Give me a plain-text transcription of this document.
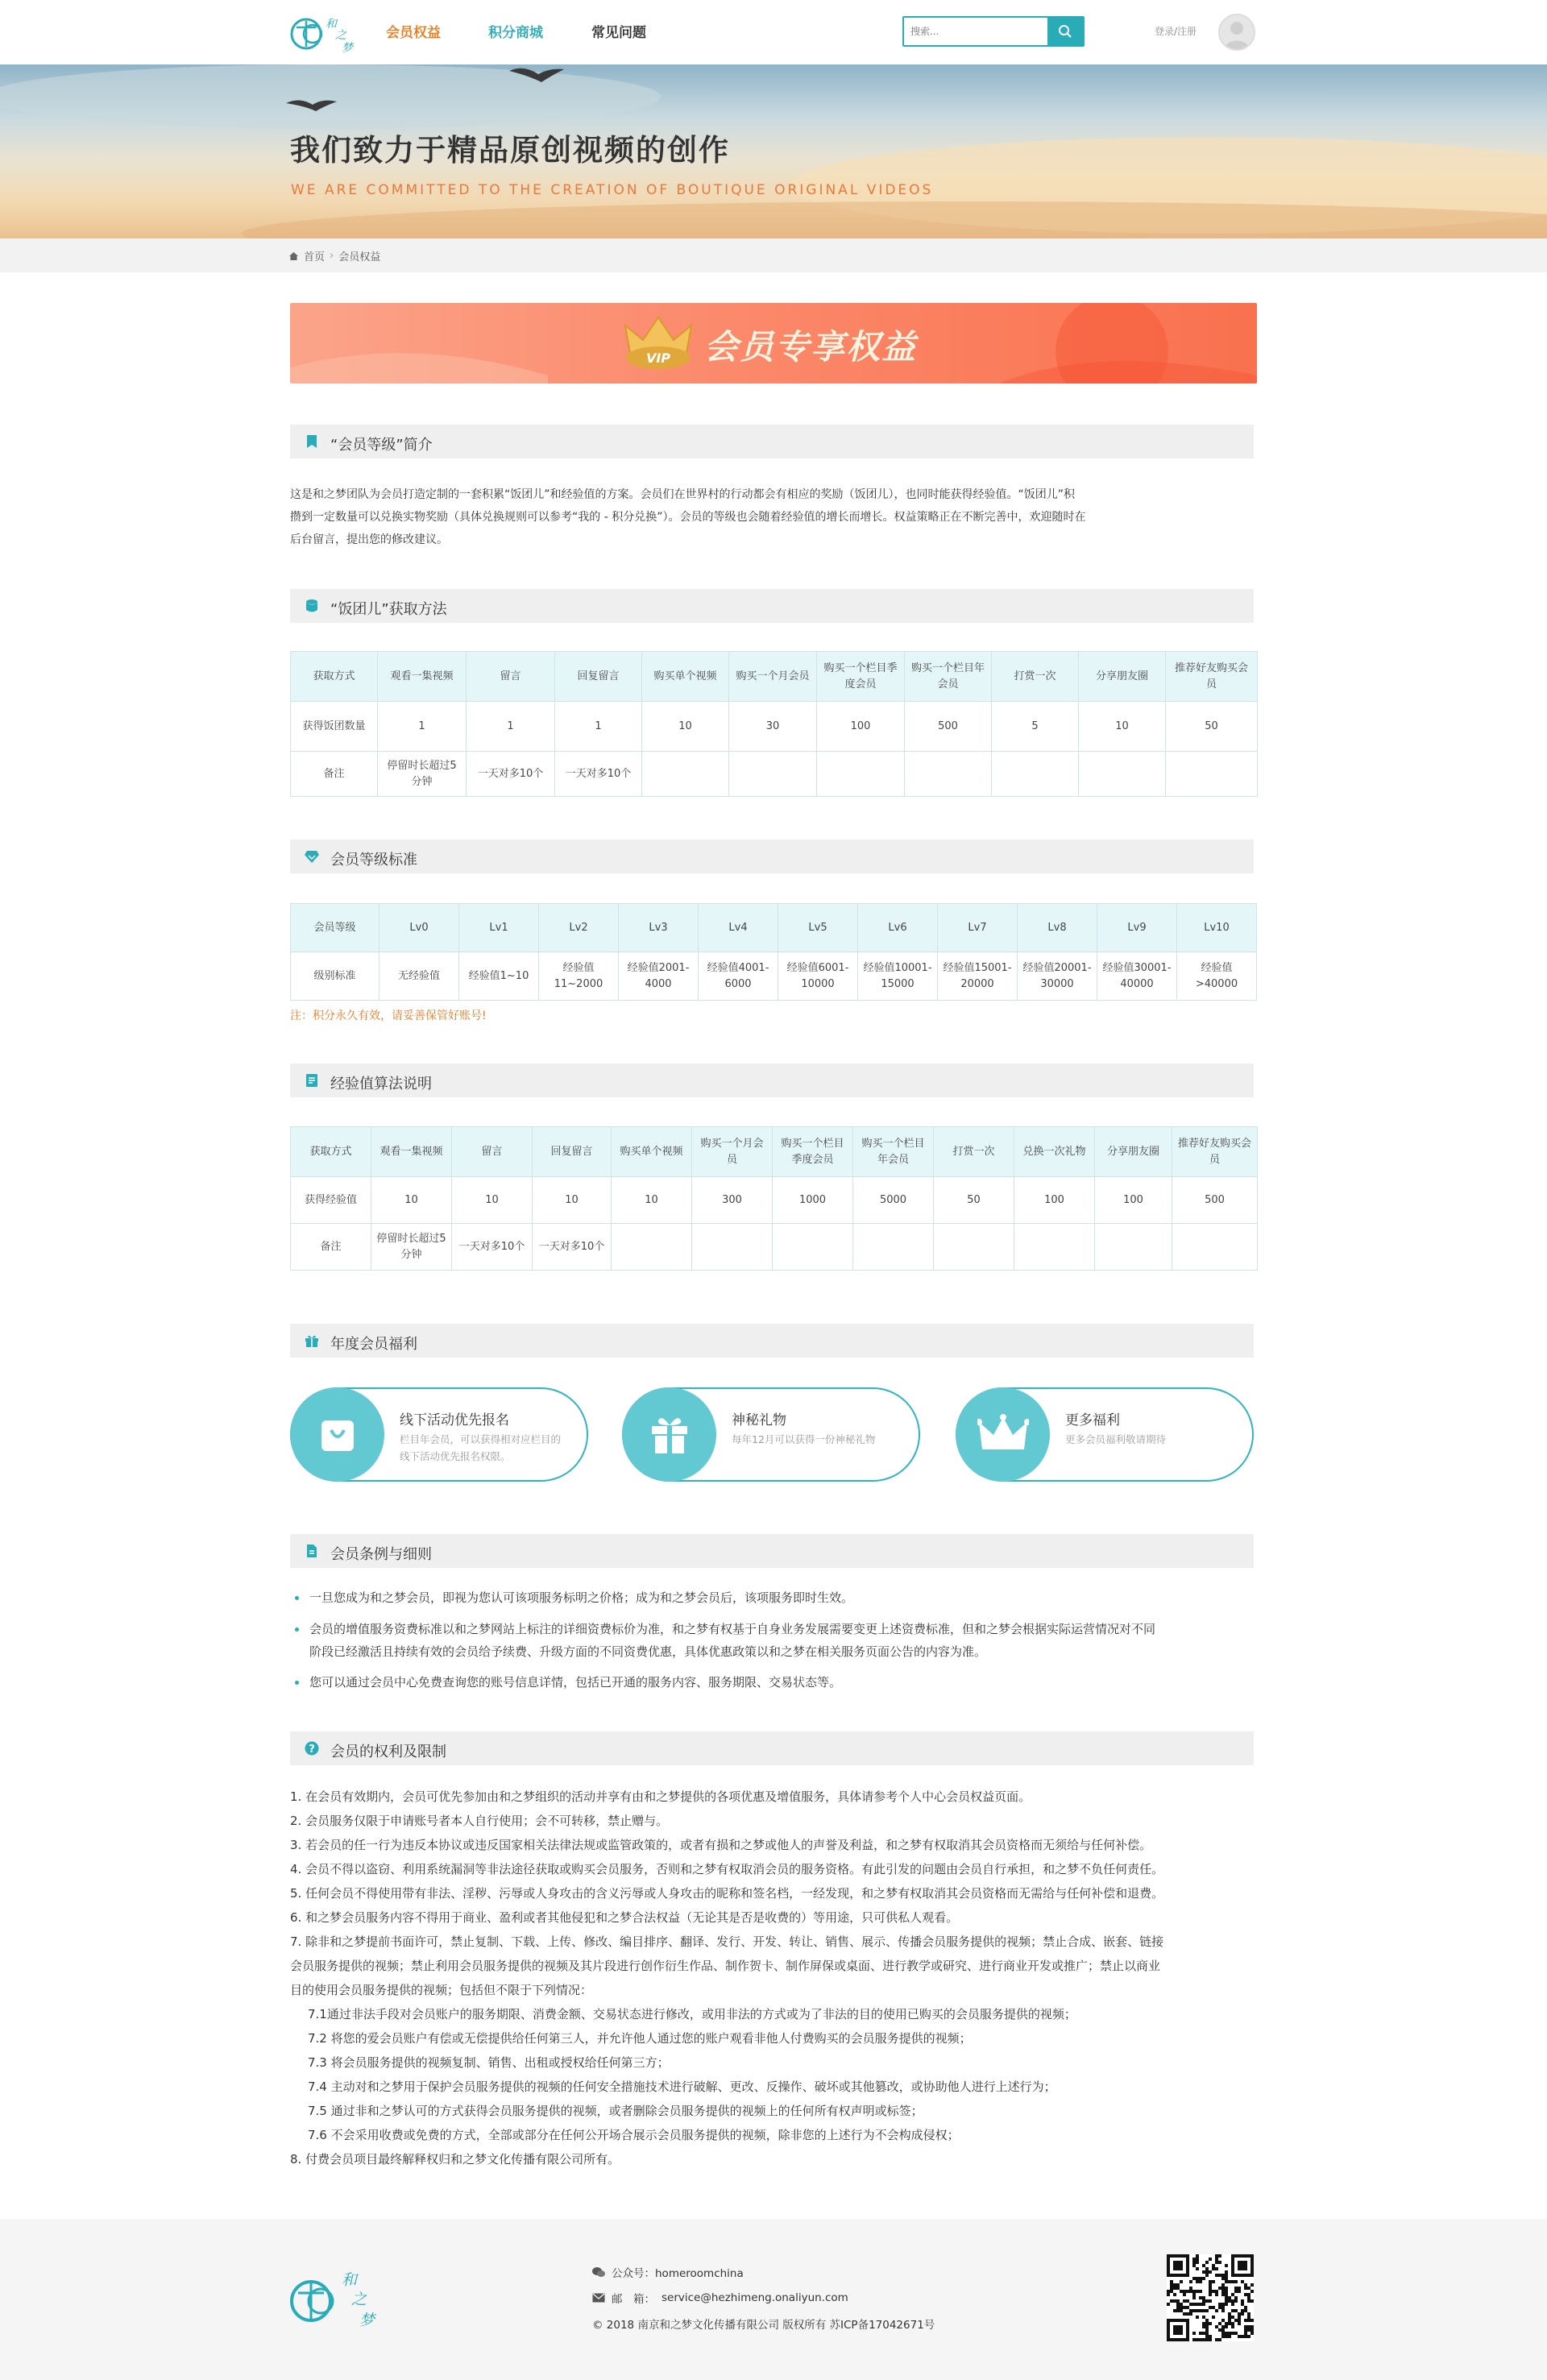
和
之
梦
会员权益	积分商城	常见问题
搜索...	登录/注册
我们致力于精品原创视频的创作
WE ARE COMMITTED TO THE CREATION OF BOUTIQUE ORIGINAL VIDEOS
首页 › 会员权益
VIP 会员专享权益
“会员等级”简介
这是和之梦团队为会员打造定制的一套积累“饭团儿”和经验值的方案。会员们在世界村的行动都会有相应的奖励（饭团儿），也同时能获得经验值。“饭团儿”积
攒到一定数量可以兑换实物奖励（具体兑换规则可以参考“我的 - 积分兑换”）。会员的等级也会随着经验值的增长而增长。权益策略正在不断完善中，欢迎随时在
后台留言，提出您的修改建议。
“饭团儿”获取方法
获取方式	观看一集视频	留言	回复留言	购买单个视频	购买一个月会员	购买一个栏目季度会员	购买一个栏目年会员	打赏一次	分享朋友圈	推荐好友购买会员
获得饭团数量	1	1	1	10	30	100	500	5	10	50
备注	停留时长超过5分钟	一天对多10个	一天对多10个							
会员等级标准
会员等级	Lv0	Lv1	Lv2	Lv3	Lv4	Lv5	Lv6	Lv7	Lv8	Lv9	Lv10
级别标准	无经验值	经验值1~10	经验值11~2000	经验值2001-4000	经验值4001-6000	经验值6001-10000	经验值10001-15000	经验值15001-20000	经验值20001-30000	经验值30001-40000	经验值>40000
注：积分永久有效，请妥善保管好账号!
经验值算法说明
获取方式	观看一集视频	留言	回复留言	购买单个视频	购买一个月会员	购买一个栏目季度会员	购买一个栏目年会员	打赏一次	兑换一次礼物	分享朋友圈	推荐好友购买会员
获得经验值	10	10	10	10	300	1000	5000	50	100	100	500
备注	停留时长超过5分钟	一天对多10个	一天对多10个								
年度会员福利
线下活动优先报名
栏目年会员，可以获得相对应栏目的线下活动优先报名权限。
神秘礼物
每年12月可以获得一份神秘礼物
更多福利
更多会员福利敬请期待
会员条例与细则
一旦您成为和之梦会员，即视为您认可该项服务标明之价格；成为和之梦会员后，该项服务即时生效。
会员的增值服务资费标准以和之梦网站上标注的详细资费标价为准，和之梦有权基于自身业务发展需要变更上述资费标准，但和之梦会根据实际运营情况对不同
阶段已经激活且持续有效的会员给予续费、升级方面的不同资费优惠，具体优惠政策以和之梦在相关服务页面公告的内容为准。
您可以通过会员中心免费查询您的账号信息详情，包括已开通的服务内容、服务期限、交易状态等。
? 会员的权利及限制
1. 在会员有效期内，会员可优先参加由和之梦组织的活动并享有由和之梦提供的各项优惠及增值服务，具体请参考个人中心会员权益页面。
2. 会员服务仅限于申请账号者本人自行使用；会不可转移，禁止赠与。
3. 若会员的任一行为违反本协议或违反国家相关法律法规或监管政策的，或者有损和之梦或他人的声誉及利益，和之梦有权取消其会员资格而无须给与任何补偿。
4. 会员不得以盗窃、利用系统漏洞等非法途径获取或购买会员服务，否则和之梦有权取消会员的服务资格。有此引发的问题由会员自行承担，和之梦不负任何责任。
5. 任何会员不得使用带有非法、淫秽、污辱或人身攻击的含义污辱或人身攻击的昵称和签名档，一经发现，和之梦有权取消其会员资格而无需给与任何补偿和退费。
6. 和之梦会员服务内容不得用于商业、盈利或者其他侵犯和之梦合法权益（无论其是否是收费的）等用途，只可供私人观看。
7. 除非和之梦提前书面许可，禁止复制、下载、上传、修改、编目排序、翻译、发行、开发、转让、销售、展示、传播会员服务提供的视频；禁止合成、嵌套、链接
会员服务提供的视频；禁止利用会员服务提供的视频及其片段进行创作衍生作品、制作贺卡、制作屏保或桌面、进行教学或研究、进行商业开发或推广；禁止以商业
目的使用会员服务提供的视频；包括但不限于下列情况：
7.1通过非法手段对会员账户的服务期限、消费金额、交易状态进行修改，或用非法的方式或为了非法的目的使用已购买的会员服务提供的视频；
7.2 将您的爱会员账户有偿或无偿提供给任何第三人，并允许他人通过您的账户观看非他人付费购买的会员服务提供的视频；
7.3 将会员服务提供的视频复制、销售、出租或授权给任何第三方；
7.4 主动对和之梦用于保护会员服务提供的视频的任何安全措施技术进行破解、更改、反操作、破坏或其他篡改，或协助他人进行上述行为；
7.5 通过非和之梦认可的方式获得会员服务提供的视频，或者删除会员服务提供的视频上的任何所有权声明或标签；
7.6 不会采用收费或免费的方式，全部或部分在任何公开场合展示会员服务提供的视频，除非您的上述行为不会构成侵权；
8. 付费会员项目最终解释权归和之梦文化传播有限公司所有。
和
之
梦
公众号：homeroomchina
邮　箱： service@hezhimeng.onaliyun.com
© 2018 南京和之梦文化传播有限公司 版权所有 苏ICP备17042671号
